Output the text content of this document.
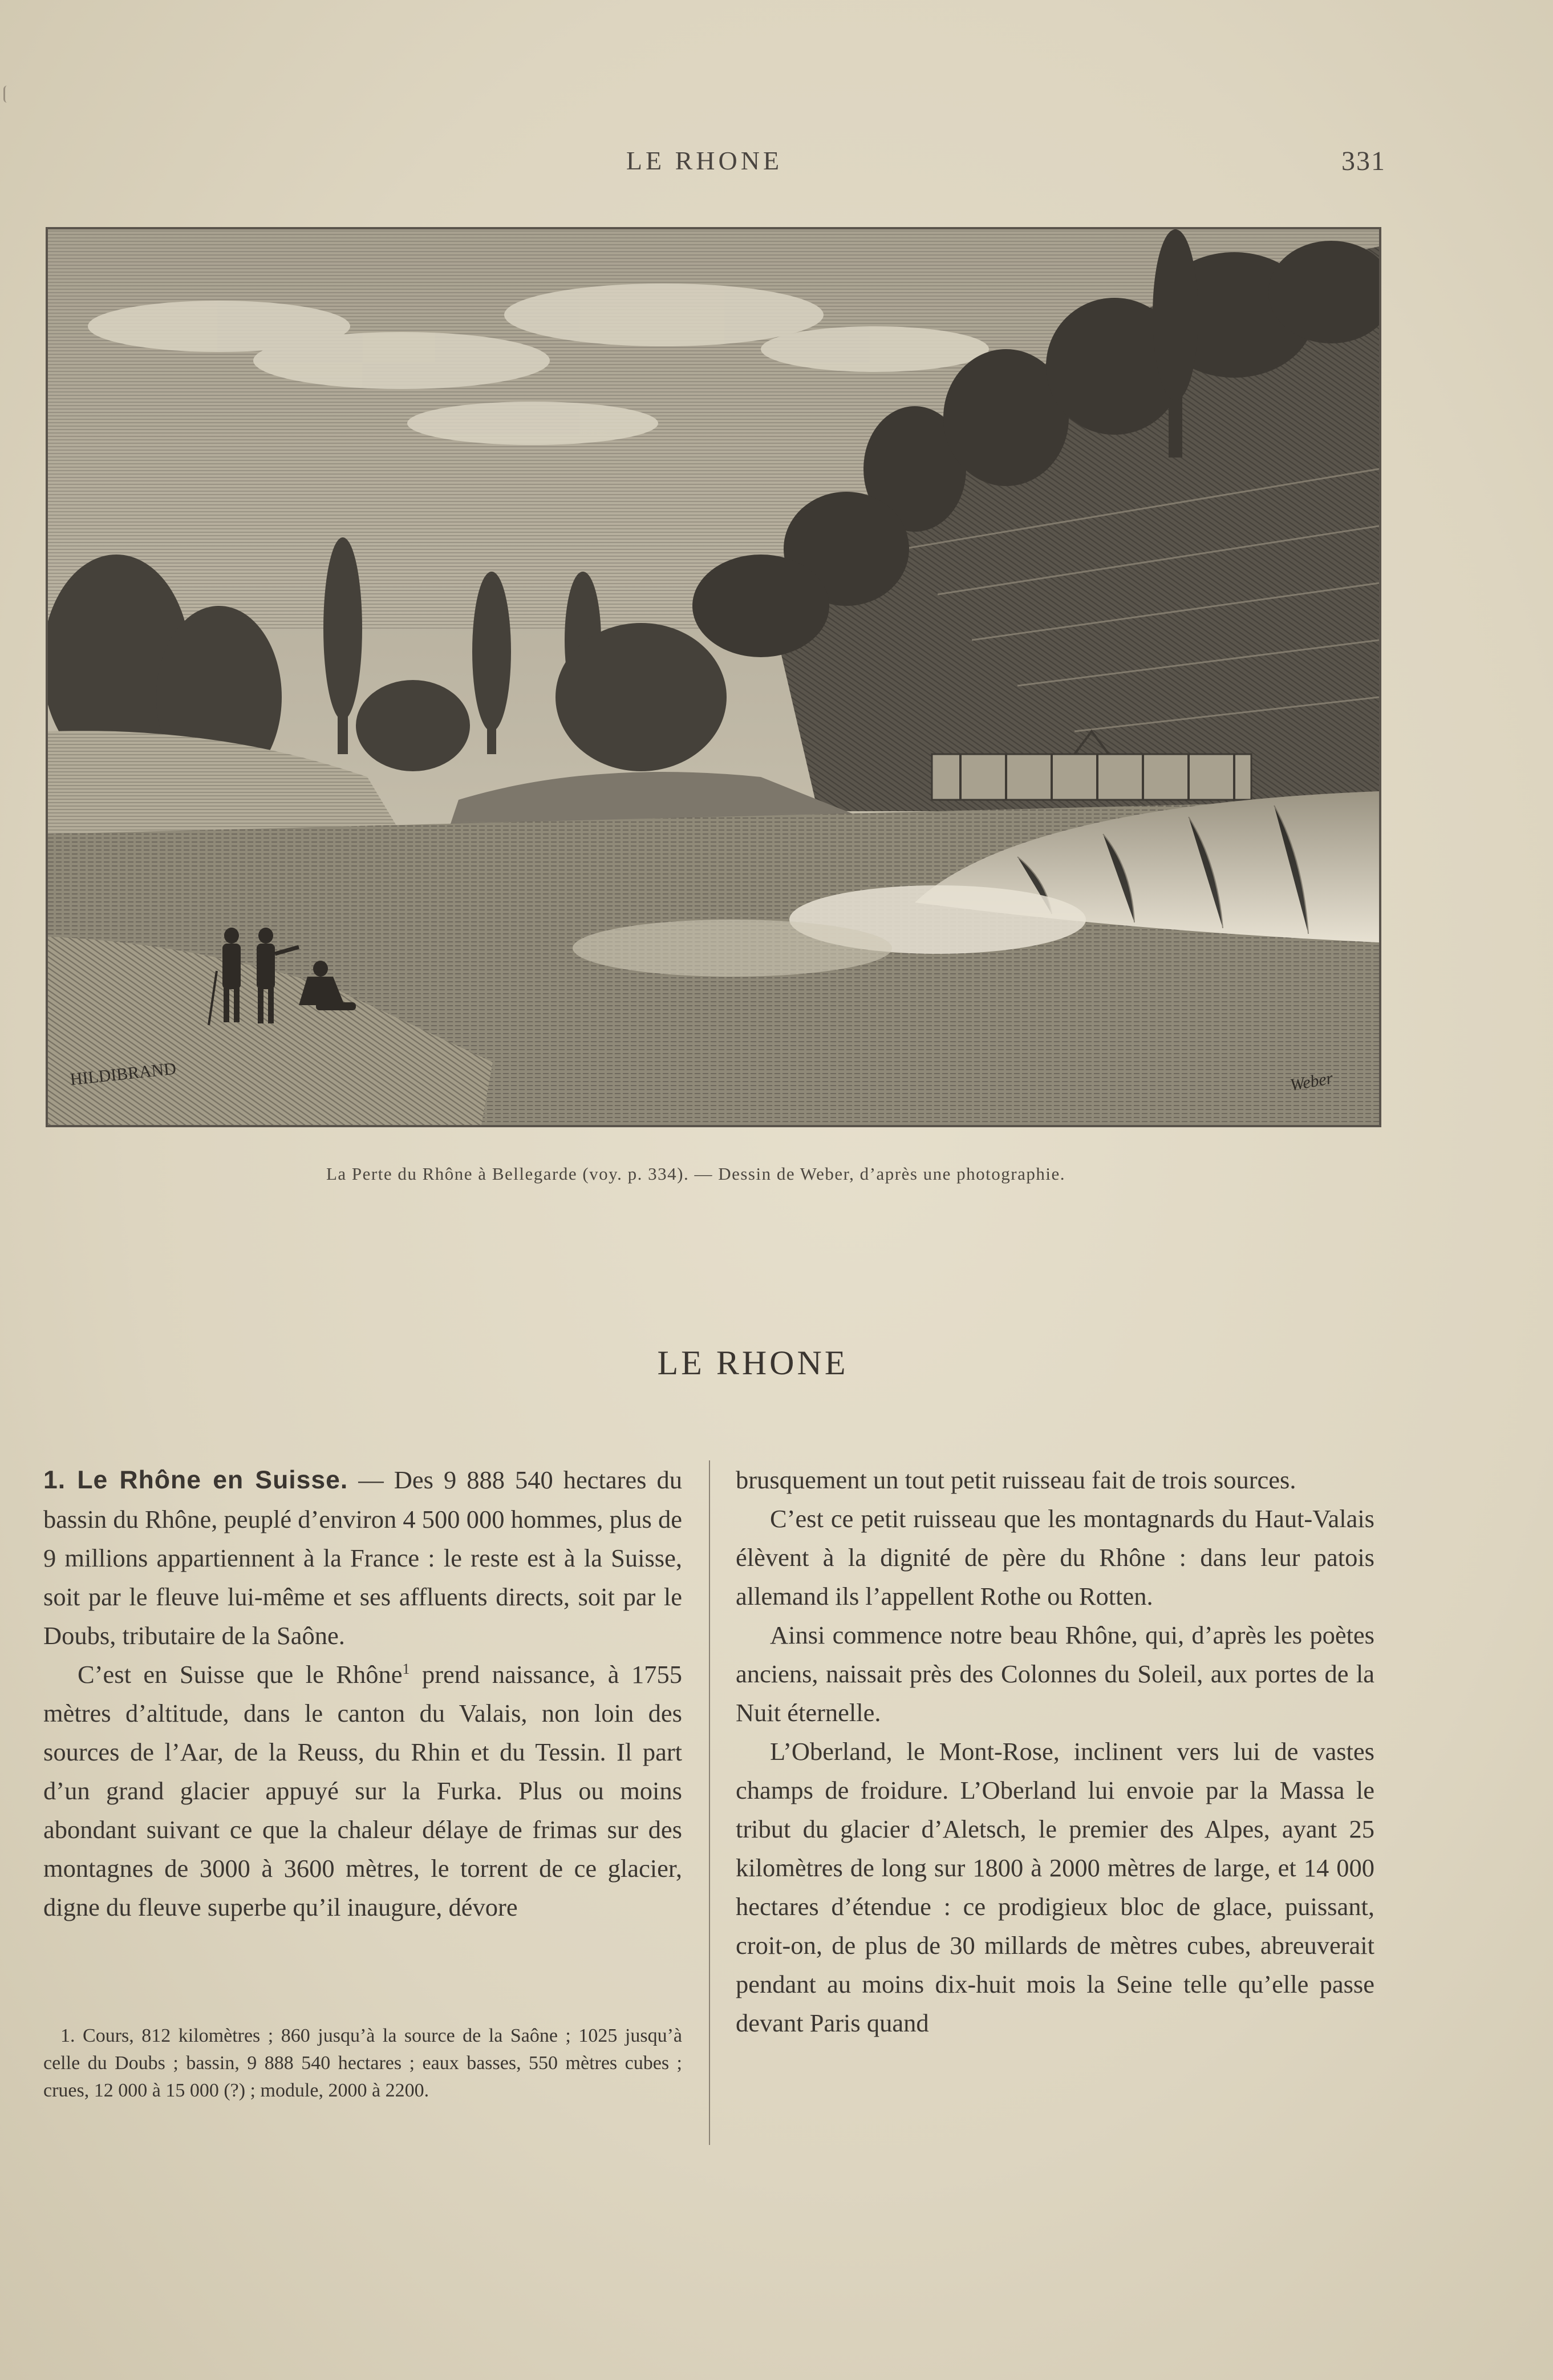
LE RHONE	331
HILDIBRAND	Weber
La Perte du Rhône à Bellegarde (voy. p. 334). — Dessin de Weber, d’après une photographie.
LE RHONE

1. Le Rhône en Suisse. — Des 9 888 540 hectares du bassin du Rhône, peuplé d’environ 4 500 000 hommes, plus de 9 millions appartiennent à la France : le reste est à la Suisse, soit par le fleuve lui-même et ses affluents directs, soit par le Doubs, tributaire de la Saône.

C’est en Suisse que le Rhône$^1$ prend naissance, à 1755 mètres d’altitude, dans le canton du Valais, non loin des sources de l’Aar, de la Reuss, du Rhin et du Tessin. Il part d’un grand glacier appuyé sur la Furka. Plus ou moins abondant suivant ce que la chaleur délaye de frimas sur des montagnes de 3000 à 3600 mètres, le torrent de ce glacier, digne du fleuve superbe qu’il inaugure, dévore

brusquement un tout petit ruisseau fait de trois sources.

C’est ce petit ruisseau que les montagnards du Haut-Valais élèvent à la dignité de père du Rhône : dans leur patois allemand ils l’appellent Rothe ou Rotten.

Ainsi commence notre beau Rhône, qui, d’après les poètes anciens, naissait près des Colonnes du Soleil, aux portes de la Nuit éternelle.

L’Oberland, le Mont-Rose, inclinent vers lui de vastes champs de froidure. L’Oberland lui envoie par la Massa le tribut du glacier d’Aletsch, le premier des Alpes, ayant 25 kilomètres de long sur 1800 à 2000 mètres de large, et 14 000 hectares d’étendue : ce prodigieux bloc de glace, puissant, croit-on, de plus de 30 millards de mètres cubes, abreuverait pendant au moins dix-huit mois la Seine telle qu’elle passe devant Paris quand

1. Cours, 812 kilomètres ; 860 jusqu’à la source de la Saône ; 1025 jusqu’à celle du Doubs ; bassin, 9 888 540 hectares ; eaux basses, 550 mètres cubes ; crues, 12 000 à 15 000 (?) ; module, 2000 à 2200.
